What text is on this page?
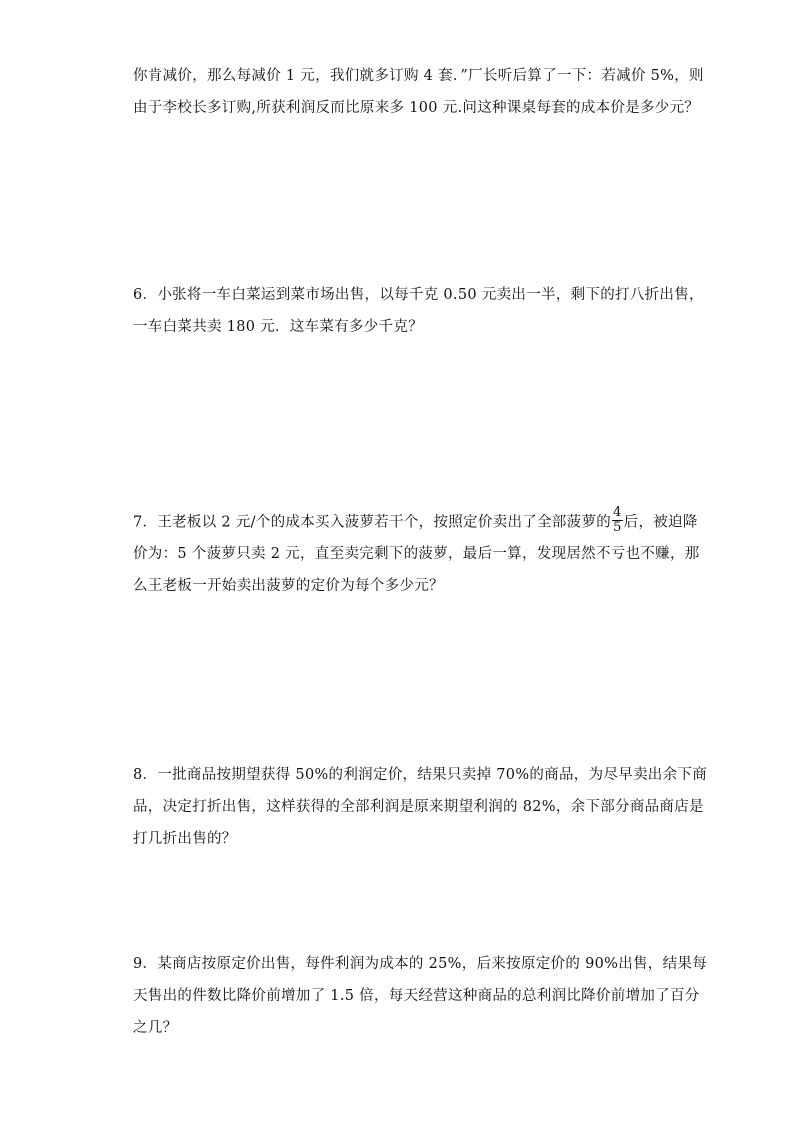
你肯减价，那么每减价 1 元，我们就多订购 4 套．”厂长听后算了一下：若减价 5%，则
由于李校长多订购,所获利润反而比原来多 100 元.问这种课桌每套的成本价是多少元？
6．小张将一车白菜运到菜市场出售，以每千克 0.50 元卖出一半，剩下的打八折出售，
一车白菜共卖 180 元．这车菜有多少千克？
7．王老板以 2 元/个的成本买入菠萝若干个，按照定价卖出了全部菠萝的 $\frac{4}{5}$ 后，被迫降
价为：5 个菠萝只卖 2 元，直至卖完剩下的菠萝，最后一算，发现居然不亏也不赚，那
么王老板一开始卖出菠萝的定价为每个多少元？
8．一批商品按期望获得 50%的利润定价，结果只卖掉 70%的商品，为尽早卖出余下商
品，决定打折出售，这样获得的全部利润是原来期望利润的 82%，余下部分商品商店是
打几折出售的？
9．某商店按原定价出售，每件利润为成本的 25%，后来按原定价的 90%出售，结果每
天售出的件数比降价前增加了 1.5 倍，每天经营这种商品的总利润比降价前增加了百分
之几？
